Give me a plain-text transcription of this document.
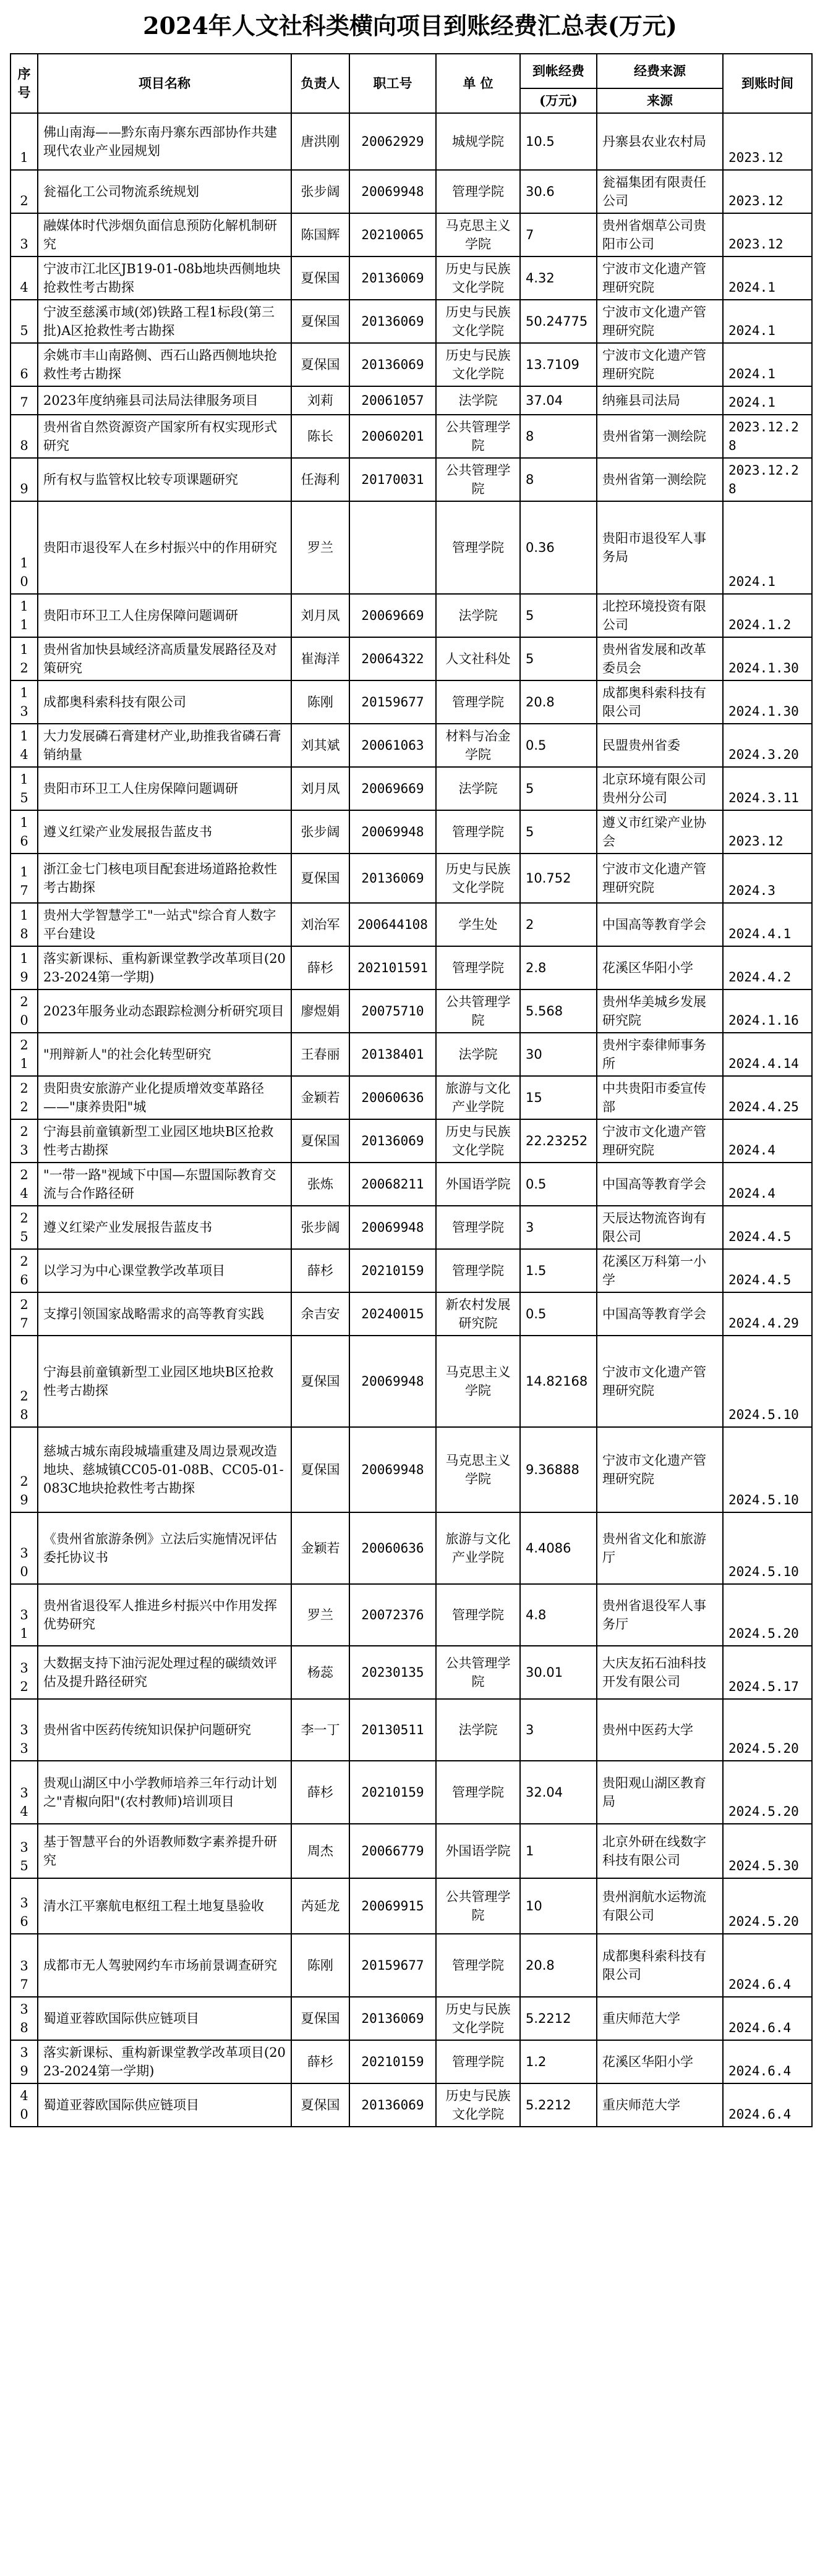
2024年人文社科类横向项目到账经费汇总表(万元)
序号	项目名称	负责人	职工号	单 位	到帐经费	经费来源	到账时间
					(万元)	来源	
1	佛山南海——黔东南丹寨东西部协作共建现代农业产业园规划	唐洪刚	20062929	城规学院	10.5	丹寨县农业农村局	2023.12
2	瓮福化工公司物流系统规划	张步阔	20069948	管理学院	30.6	瓮福集团有限责任公司	2023.12
3	融媒体时代涉烟负面信息预防化解机制研究	陈国辉	20210065	马克思主义学院	7	贵州省烟草公司贵阳市公司	2023.12
4	宁波市江北区JB19-01-08b地块西侧地块抢救性考古勘探	夏保国	20136069	历史与民族文化学院	4.32	宁波市文化遗产管理研究院	2024.1
5	宁波至慈溪市域(郊)铁路工程1标段(第三批)A区抢救性考古勘探	夏保国	20136069	历史与民族文化学院	50.24775	宁波市文化遗产管理研究院	2024.1
6	余姚市丰山南路侧、西石山路西侧地块抢救性考古勘探	夏保国	20136069	历史与民族文化学院	13.7109	宁波市文化遗产管理研究院	2024.1
7	2023年度纳雍县司法局法律服务项目	刘莉	20061057	法学院	37.04	纳雍县司法局	2024.1
8	贵州省自然资源资产国家所有权实现形式研究	陈长	20060201	公共管理学院	8	贵州省第一测绘院	2023.12.28
9	所有权与监管权比较专项课题研究	任海利	20170031	公共管理学院	8	贵州省第一测绘院	2023.12.28
10	贵阳市退役军人在乡村振兴中的作用研究	罗兰		管理学院	0.36	贵阳市退役军人事务局	2024.1
11	贵阳市环卫工人住房保障问题调研	刘月凤	20069669	法学院	5	北控环境投资有限公司	2024.1.2
12	贵州省加快县域经济高质量发展路径及对策研究	崔海洋	20064322	人文社科处	5	贵州省发展和改革委员会	2024.1.30
13	成都奥科索科技有限公司	陈刚	20159677	管理学院	20.8	成都奥科索科技有限公司	2024.1.30
14	大力发展磷石膏建材产业,助推我省磷石膏销纳量	刘其斌	20061063	材料与冶金学院	0.5	民盟贵州省委	2024.3.20
15	贵阳市环卫工人住房保障问题调研	刘月凤	20069669	法学院	5	北京环境有限公司贵州分公司	2024.3.11
16	遵义红梁产业发展报告蓝皮书	张步阔	20069948	管理学院	5	遵义市红梁产业协会	2023.12
17	浙江金七门核电项目配套进场道路抢救性考古勘探	夏保国	20136069	历史与民族文化学院	10.752	宁波市文化遗产管理研究院	2024.3
18	贵州大学智慧学工"一站式"综合育人数字平台建设	刘治军	200644108	学生处	2	中国高等教育学会	2024.4.1
19	落实新课标、重构新课堂教学改革项目(2023-2024第一学期)	薛杉	202101591	管理学院	2.8	花溪区华阳小学	2024.4.2
20	2023年服务业动态跟踪检测分析研究项目	廖煜娟	20075710	公共管理学院	5.568	贵州华美城乡发展研究院	2024.1.16
21	"刑辩新人"的社会化转型研究	王春丽	20138401	法学院	30	贵州宇泰律师事务所	2024.4.14
22	贵阳贵安旅游产业化提质增效变革路径——"康养贵阳"城	金颖若	20060636	旅游与文化产业学院	15	中共贵阳市委宣传部	2024.4.25
23	宁海县前童镇新型工业园区地块B区抢救性考古勘探	夏保国	20136069	历史与民族文化学院	22.23252	宁波市文化遗产管理研究院	2024.4
24	"一带一路"视域下中国—东盟国际教育交流与合作路径研	张炼	20068211	外国语学院	0.5	中国高等教育学会	2024.4
25	遵义红梁产业发展报告蓝皮书	张步阔	20069948	管理学院	3	天辰达物流咨询有限公司	2024.4.5
26	以学习为中心课堂教学改革项目	薛杉	20210159	管理学院	1.5	花溪区万科第一小学	2024.4.5
27	支撑引领国家战略需求的高等教育实践	余吉安	20240015	新农村发展研究院	0.5	中国高等教育学会	2024.4.29
28	宁海县前童镇新型工业园区地块B区抢救性考古勘探	夏保国	20069948	马克思主义学院	14.82168	宁波市文化遗产管理研究院	2024.5.10
29	慈城古城东南段城墙重建及周边景观改造地块、慈城镇CC05-01-08B、CC05-01-083C地块抢救性考古勘探	夏保国	20069948	马克思主义学院	9.36888	宁波市文化遗产管理研究院	2024.5.10
30	《贵州省旅游条例》立法后实施情况评估委托协议书	金颖若	20060636	旅游与文化产业学院	4.4086	贵州省文化和旅游厅	2024.5.10
31	贵州省退役军人推进乡村振兴中作用发挥优势研究	罗兰	20072376	管理学院	4.8	贵州省退役军人事务厅	2024.5.20
32	大数据支持下油污泥处理过程的碳绩效评估及提升路径研究	杨蕊	20230135	公共管理学院	30.01	大庆友拓石油科技开发有限公司	2024.5.17
33	贵州省中医药传统知识保护问题研究	李一丁	20130511	法学院	3	贵州中医药大学	2024.5.20
34	贵观山湖区中小学教师培养三年行动计划之"青椒向阳"(农村教师)培训项目	薛杉	20210159	管理学院	32.04	贵阳观山湖区教育局	2024.5.20
35	基于智慧平台的外语教师数字素养提升研究	周杰	20066779	外国语学院	1	北京外研在线数字科技有限公司	2024.5.30
36	清水江平寨航电枢纽工程土地复垦验收	芮延龙	20069915	公共管理学院	10	贵州润航水运物流有限公司	2024.5.20
37	成都市无人驾驶网约车市场前景调查研究	陈刚	20159677	管理学院	20.8	成都奥科索科技有限公司	2024.6.4
38	蜀道亚蓉欧国际供应链项目	夏保国	20136069	历史与民族文化学院	5.2212	重庆师范大学	2024.6.4
39	落实新课标、重构新课堂教学改革项目(2023-2024第一学期)	薛杉	20210159	管理学院	1.2	花溪区华阳小学	2024.6.4
40	蜀道亚蓉欧国际供应链项目	夏保国	20136069	历史与民族文化学院	5.2212	重庆师范大学	2024.6.4
